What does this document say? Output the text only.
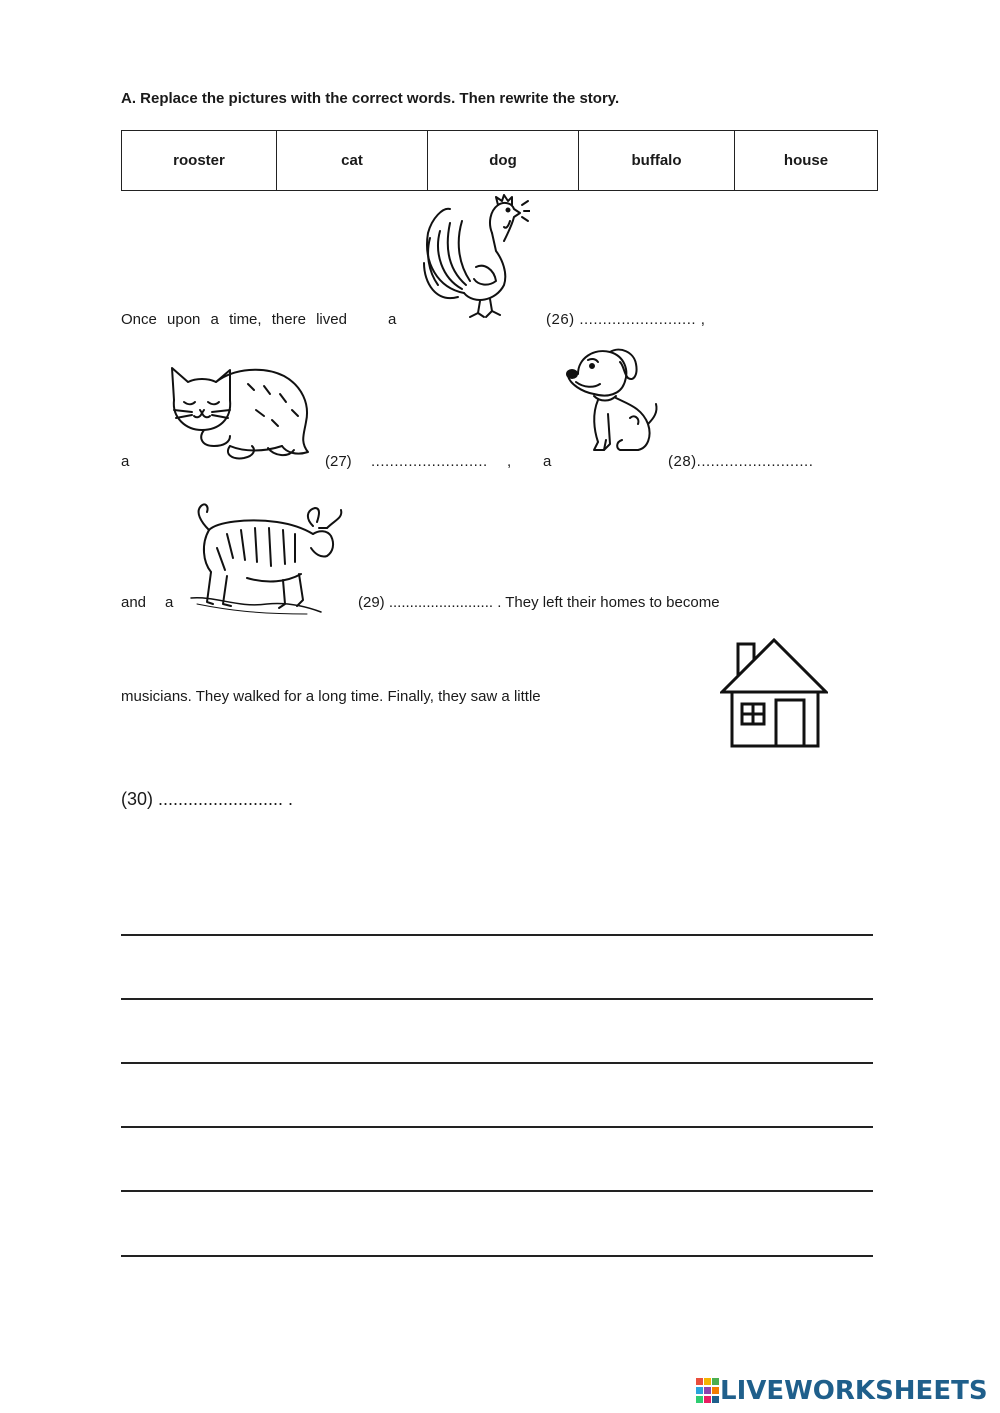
A. Replace the pictures with the correct words. Then rewrite the story.
rooster	cat	dog	buffalo	house
Once upon a time, there lived	a	(26) ......................... ,
a	(27) ......................... , a	(28).........................
and a	(29) ......................... . They left their homes to become
musicians. They walked for a long time. Finally, they saw a little
(30) ......................... .
LIVEWORKSHEETS
